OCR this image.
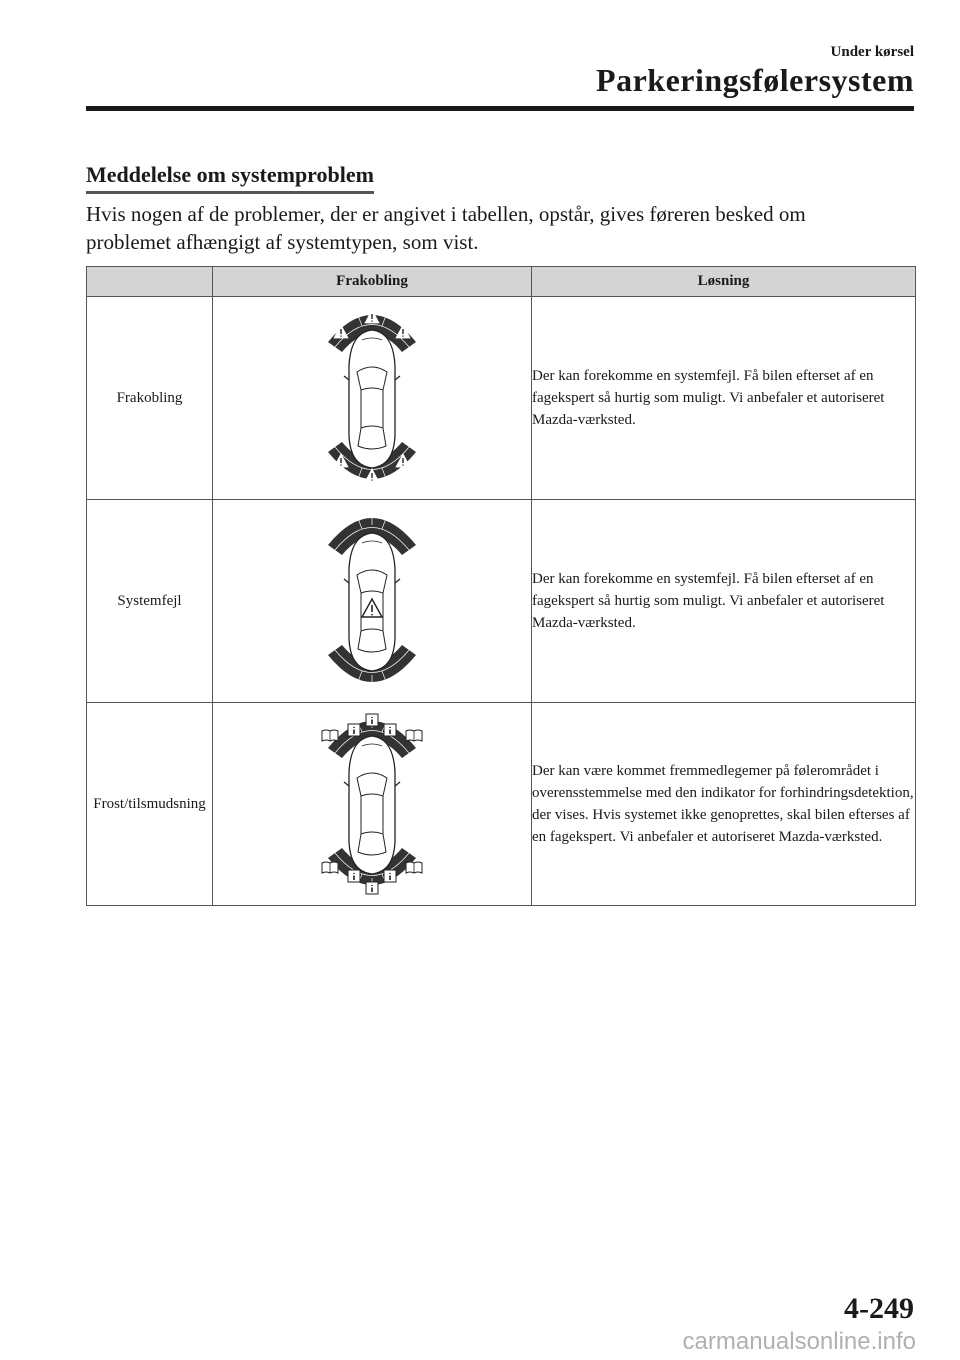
Under kørsel
Parkeringsfølersystem
Meddelelse om systemproblem
Hvis nogen af de problemer, der er angivet i tabellen, opstår, gives føreren besked om problemet afhængigt af systemtypen, som vist.
	Frakobling	Løsning
Frakobling		Der kan forekomme en systemfejl. Få bilen efterset af en fagekspert så hurtig som muligt. Vi anbefaler et autoriseret Mazda-værksted.
Systemfejl		Der kan forekomme en systemfejl. Få bilen efterset af en fagekspert så hurtig som muligt. Vi anbefaler et autoriseret Mazda-værksted.
Frost/tilsmudsning		Der kan være kommet fremmedlegemer på følerområdet i overensstemmelse med den indikator for forhindringsdetektion, der vises. Hvis systemet ikke genoprettes, skal bilen efterses af en fagekspert. Vi anbefaler et autoriseret Mazda-værksted.
4-249
carmanualsonline.info
